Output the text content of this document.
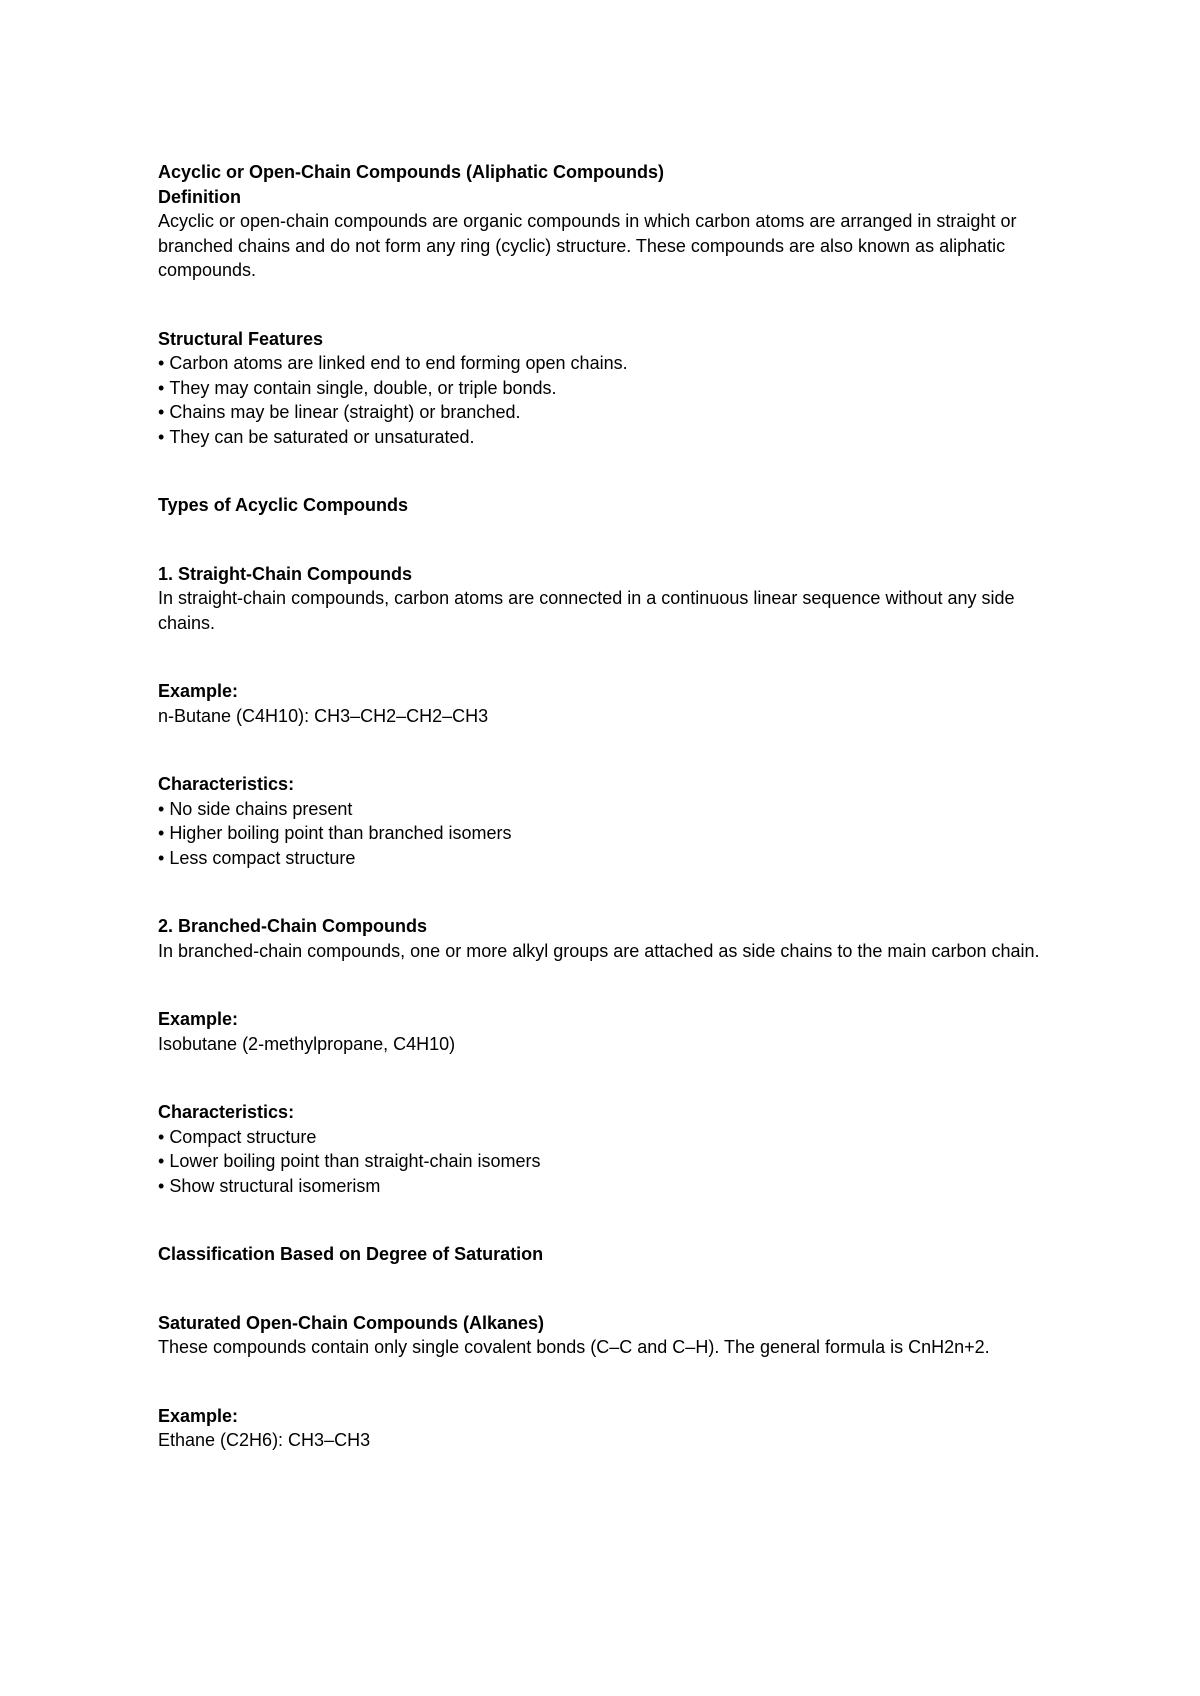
Acyclic or Open-Chain Compounds (Aliphatic Compounds)

Definition

Acyclic or open-chain compounds are organic compounds in which carbon atoms are arranged in straight or branched chains and do not form any ring (cyclic) structure. These compounds are also known as aliphatic compounds.

Structural Features

• Carbon atoms are linked end to end forming open chains.
• They may contain single, double, or triple bonds.
• Chains may be linear (straight) or branched.
• They can be saturated or unsaturated.

Types of Acyclic Compounds

1. Straight-Chain Compounds

In straight-chain compounds, carbon atoms are connected in a continuous linear sequence without any side chains.

Example:

n-Butane (C4H10): CH3–CH2–CH2–CH3

Characteristics:

• No side chains present
• Higher boiling point than branched isomers
• Less compact structure

2. Branched-Chain Compounds

In branched-chain compounds, one or more alkyl groups are attached as side chains to the main carbon chain.

Example:

Isobutane (2-methylpropane, C4H10)

Characteristics:

• Compact structure
• Lower boiling point than straight-chain isomers
• Show structural isomerism

Classification Based on Degree of Saturation

Saturated Open-Chain Compounds (Alkanes)

These compounds contain only single covalent bonds (C–C and C–H). The general formula is CnH2n+2.

Example:

Ethane (C2H6): CH3–CH3
